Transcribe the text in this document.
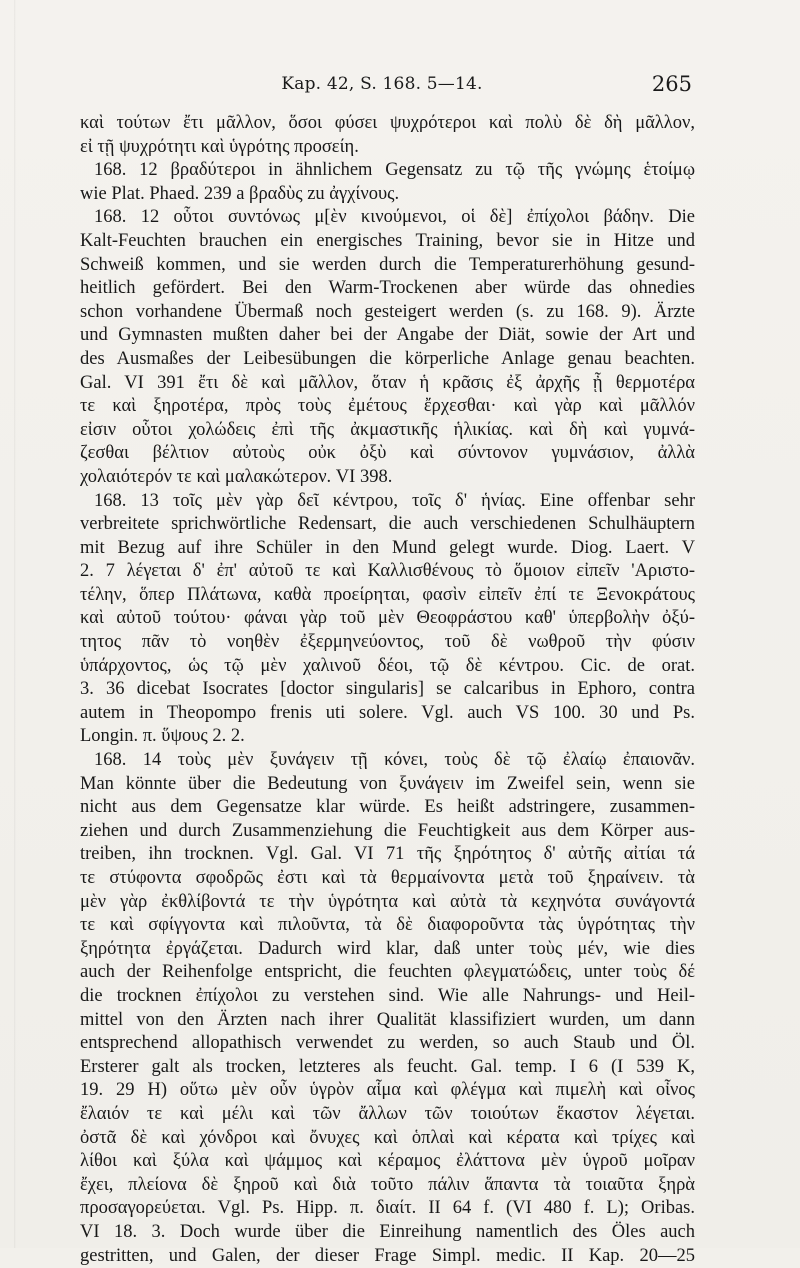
Kap. 42, S. 168. 5—14.	265
καὶ τούτων ἔτι μᾶλλον, ὅσοι φύσει ψυχρότεροι καὶ πολὺ δὲ δὴ μᾶλλον,
εἰ τῇ ψυχρότητι καὶ ὑγρότης προσείη.
168. 12 βραδύτεροι in ähnlichem Gegensatz zu τῷ τῆς γνώμης ἑτοίμῳ
wie Plat. Phaed. 239 a βραδὺς zu ἀγχίνους.
168. 12 οὗτοι συντόνως μ[ὲν κινούμενοι, οἱ δὲ] ἐπίχολοι βάδην. Die
Kalt-Feuchten brauchen ein energisches Training, bevor sie in Hitze und
Schweiß kommen, und sie werden durch die Temperaturerhöhung gesund-
heitlich gefördert. Bei den Warm-Trockenen aber würde das ohnedies
schon vorhandene Übermaß noch gesteigert werden (s. zu 168. 9). Ärzte
und Gymnasten mußten daher bei der Angabe der Diät, sowie der Art und
des Ausmaßes der Leibesübungen die körperliche Anlage genau beachten.
Gal. VI 391 ἔτι δὲ καὶ μᾶλλον, ὅταν ἡ κρᾶσις ἐξ ἀρχῆς ᾖ θερμοτέρα
τε καὶ ξηροτέρα, πρὸς τοὺς ἐμέτους ἔρχεσθαι· καὶ γὰρ καὶ μᾶλλόν
εἰσιν οὗτοι χολώδεις ἐπὶ τῆς ἀκμαστικῆς ἡλικίας. καὶ δὴ καὶ γυμνά-
ζεσθαι βέλτιον αὐτοὺς οὐκ ὀξὺ καὶ σύντονον γυμνάσιον, ἀλλὰ
χολαιότερόν τε καὶ μαλακώτερον. VI 398.
168. 13 τοῖς μὲν γὰρ δεῖ κέντρου, τοῖς δ' ἡνίας. Eine offenbar sehr
verbreitete sprichwörtliche Redensart, die auch verschiedenen Schulhäuptern
mit Bezug auf ihre Schüler in den Mund gelegt wurde. Diog. Laert. V
2. 7 λέγεται δ' ἐπ' αὐτοῦ τε καὶ Καλλισθένους τὸ ὅμοιον εἰπεῖν 'Αριστο-
τέλην, ὅπερ Πλάτωνα, καθὰ προείρηται, φασὶν εἰπεῖν ἐπί τε Ξενοκράτους
καὶ αὐτοῦ τούτου· φάναι γὰρ τοῦ μὲν Θεοφράστου καθ' ὑπερβολὴν ὀξύ-
τητος πᾶν τὸ νοηθὲν ἐξερμηνεύοντος, τοῦ δὲ νωθροῦ τὴν φύσιν
ὑπάρχοντος, ὡς τῷ μὲν χαλινοῦ δέοι, τῷ δὲ κέντρου. Cic. de orat.
3. 36 dicebat Isocrates [doctor singularis] se calcaribus in Ephoro, contra
autem in Theopompo frenis uti solere. Vgl. auch VS 100. 30 und Ps.
Longin. π. ὕψους 2. 2.
168. 14 τοὺς μὲν ξυνάγειν τῇ κόνει, τοὺς δὲ τῷ ἐλαίῳ ἐπαιονᾶν.
Man könnte über die Bedeutung von ξυνάγειν im Zweifel sein, wenn sie
nicht aus dem Gegensatze klar würde. Es heißt adstringere, zusammen-
ziehen und durch Zusammenziehung die Feuchtigkeit aus dem Körper aus-
treiben, ihn trocknen. Vgl. Gal. VI 71 τῆς ξηρότητος δ' αὐτῆς αἰτίαι τά
τε στύφοντα σφοδρῶς ἐστι καὶ τὰ θερμαίνοντα μετὰ τοῦ ξηραίνειν. τὰ
μὲν γὰρ ἐκθλίβοντά τε τὴν ὑγρότητα καὶ αὐτὰ τὰ κεχηνότα συνάγοντά
τε καὶ σφίγγοντα καὶ πιλοῦντα, τὰ δὲ διαφοροῦντα τὰς ὑγρότητας τὴν
ξηρότητα ἐργάζεται. Dadurch wird klar, daß unter τοὺς μέν, wie dies
auch der Reihenfolge entspricht, die feuchten φλεγματώδεις, unter τοὺς δέ
die trocknen ἐπίχολοι zu verstehen sind. Wie alle Nahrungs- und Heil-
mittel von den Ärzten nach ihrer Qualität klassifiziert wurden, um dann
entsprechend allopathisch verwendet zu werden, so auch Staub und Öl.
Ersterer galt als trocken, letzteres als feucht. Gal. temp. I 6 (I 539 K,
19. 29 H) οὕτω μὲν οὖν ὑγρὸν αἷμα καὶ φλέγμα καὶ πιμελὴ καὶ οἶνος
ἔλαιόν τε καὶ μέλι καὶ τῶν ἄλλων τῶν τοιούτων ἕκαστον λέγεται.
ὀστᾶ δὲ καὶ χόνδροι καὶ ὄνυχες καὶ ὁπλαὶ καὶ κέρατα καὶ τρίχες καὶ
λίθοι καὶ ξύλα καὶ ψάμμος καὶ κέραμος ἐλάττονα μὲν ὑγροῦ μοῖραν
ἔχει, πλείονα δὲ ξηροῦ καὶ διὰ τοῦτο πάλιν ἅπαντα τὰ τοιαῦτα ξηρὰ
προσαγορεύεται. Vgl. Ps. Hipp. π. διαίτ. II 64 f. (VI 480 f. L); Oribas.
VI 18. 3. Doch wurde über die Einreihung namentlich des Öles auch
gestritten, und Galen, der dieser Frage Simpl. medic. II Kap. 20—25
